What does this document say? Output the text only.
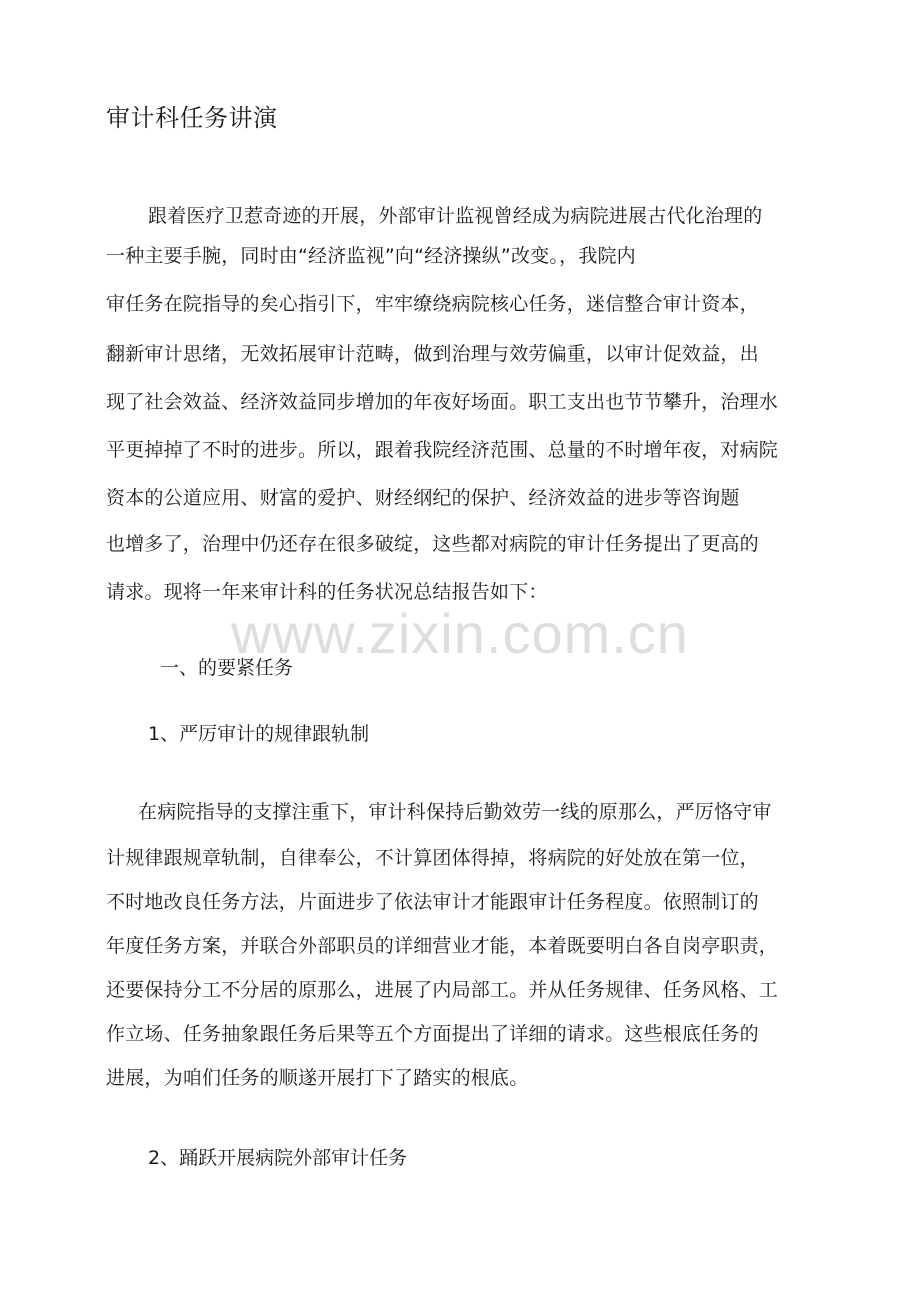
www.zixin.com.cn
审计科任务讲演
跟着医疗卫惹奇迹的开展，外部审计监视曾经成为病院进展古代化治理的
一种主要手腕，同时由“经济监视”向“经济操纵”改变。，我院内
审任务在院指导的矣心指引下，牢牢缭绕病院核心任务，迷信整合审计资本，
翻新审计思绪，无效拓展审计范畴，做到治理与效劳偏重，以审计促效益，出
现了社会效益、经济效益同步增加的年夜好场面。职工支出也节节攀升，治理水
平更掉掉了不时的进步。所以，跟着我院经济范围、总量的不时增年夜，对病院
资本的公道应用、财富的爱护、财经纲纪的保护、经济效益的进步等咨询题
也增多了，治理中仍还存在很多破绽，这些都对病院的审计任务提出了更高的
请求。现将一年来审计科的任务状况总结报告如下：
一、的要紧任务
1、严厉审计的规律跟轨制
在病院指导的支撑注重下，审计科保持后勤效劳一线的原那么，严厉恪守审
计规律跟规章轨制，自律奉公，不计算团体得掉，将病院的好处放在第一位，
不时地改良任务方法，片面进步了依法审计才能跟审计任务程度。依照制订的
年度任务方案，并联合外部职员的详细营业才能，本着既要明白各自岗亭职责，
还要保持分工不分居的原那么，进展了内局部工。并从任务规律、任务风格、工
作立场、任务抽象跟任务后果等五个方面提出了详细的请求。这些根底任务的
进展，为咱们任务的顺遂开展打下了踏实的根底。
2、踊跃开展病院外部审计任务
